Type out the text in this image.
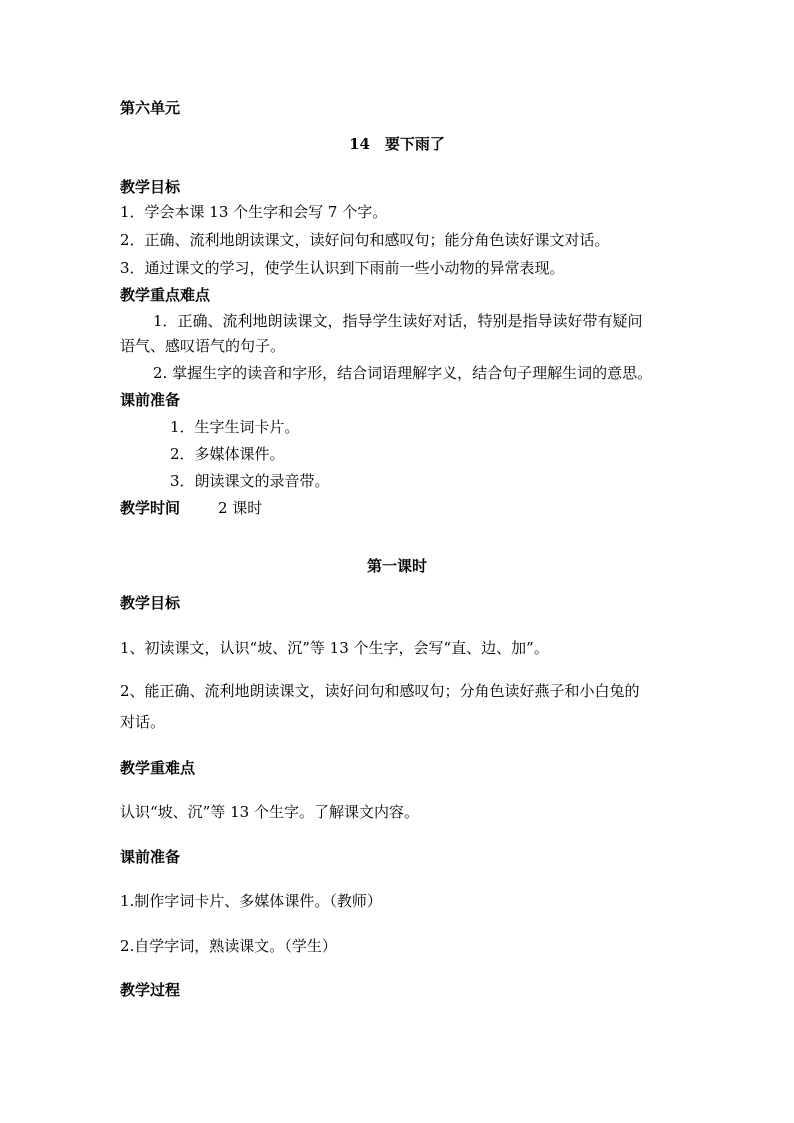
第六单元
14　要下雨了
教学目标
1．学会本课 13 个生字和会写 7 个字。
2．正确、流利地朗读课文，读好问句和感叹句；能分角色读好课文对话。
3．通过课文的学习，使学生认识到下雨前一些小动物的异常表现。
教学重点难点
1．正确、流利地朗读课文，指导学生读好对话，特别是指导读好带有疑问
语气、感叹语气的句子。
2. 掌握生字的读音和字形，结合词语理解字义，结合句子理解生词的意思。
课前准备
1．生字生词卡片。
2．多媒体课件。
3．朗读课文的录音带。
教学时间	2 课时
第一课时
教学目标
1、初读课文，认识“坡、沉”等 13 个生字，会写“直、边、加”。
2、能正确、流利地朗读课文，读好问句和感叹句；分角色读好燕子和小白兔的
对话。
教学重难点
认识“坡、沉”等 13 个生字。了解课文内容。
课前准备
1.制作字词卡片、多媒体课件。（教师）
2.自学字词，熟读课文。（学生）
教学过程
